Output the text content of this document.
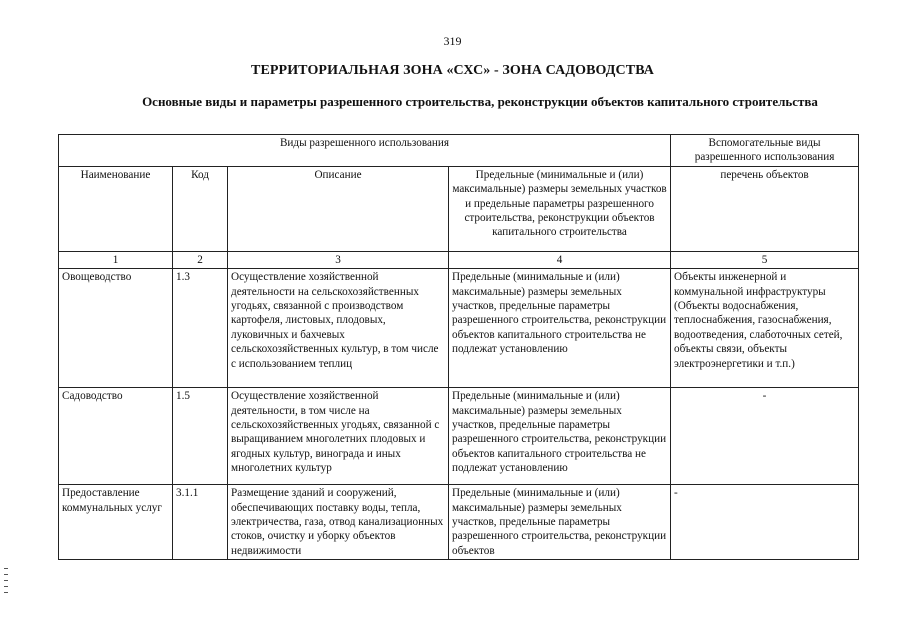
319
ТЕРРИТОРИАЛЬНАЯ ЗОНА «СХС» - ЗОНА САДОВОДСТВА
Основные виды и параметры разрешенного строительства, реконструкции объектов капитального строительства
Виды разрешенного использования				Вспомогательные виды разрешенного использования
Наименование	Код	Описание	Предельные (минимальные и (или) максимальные) размеры земельных участков и предельные параметры разрешенного строительства, реконструкции объектов капитального строительства	перечень объектов
1	2	3	4	5
Овощеводство	1.3	Осуществление хозяйственной деятельности на сельскохозяйственных угодьях, связанной с производством картофеля, листовых, плодовых, луковичных и бахчевых сельскохозяйственных культур, в том числе с использованием теплиц	Предельные (минимальные и (или) максимальные) размеры земельных участков, предельные параметры разрешенного строительства, реконструкции объектов капитального строительства не подлежат установлению	Объекты инженерной и коммунальной инфраструктуры (Объекты водоснабжения, теплоснабжения, газоснабжения, водоотведения, слаботочных сетей, объекты связи, объекты электроэнергетики и т.п.)
Садоводство	1.5	Осуществление хозяйственной деятельности, в том числе на сельскохозяйственных угодьях, связанной с выращиванием многолетних плодовых и ягодных культур, винограда и иных многолетних культур	Предельные (минимальные и (или) максимальные) размеры земельных участков, предельные параметры разрешенного строительства, реконструкции объектов капитального строительства не подлежат установлению	-
Предоставление коммунальных услуг	3.1.1	Размещение зданий и сооружений, обеспечивающих поставку воды, тепла, электричества, газа, отвод канализационных стоков, очистку и уборку объектов недвижимости	Предельные (минимальные и (или) максимальные) размеры земельных участков, предельные параметры разрешенного строительства, реконструкции объектов	-
